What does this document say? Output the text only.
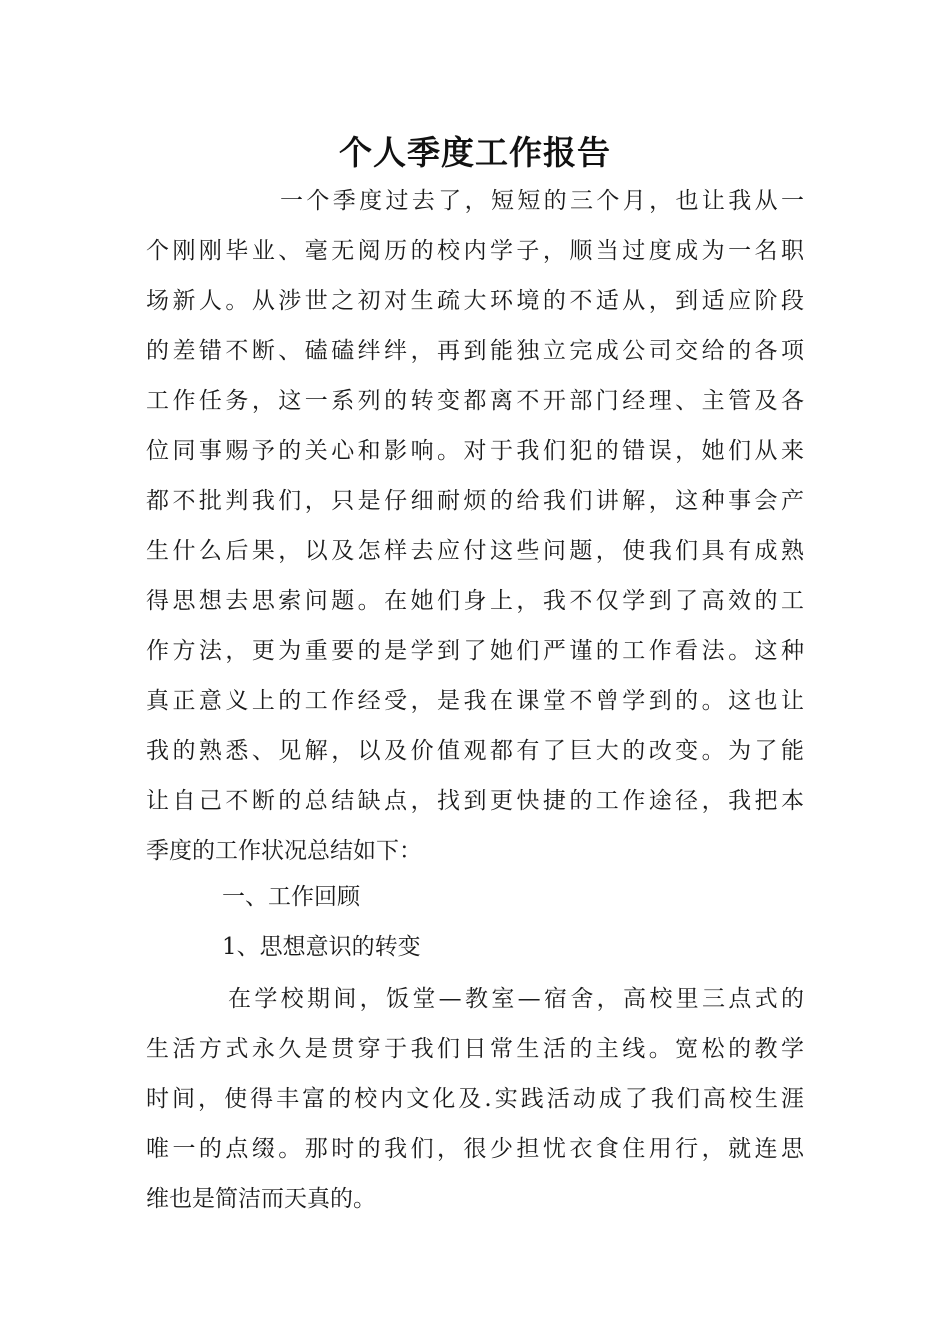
个人季度工作报告

一个季度过去了，短短的三个月，也让我从一

个刚刚毕业、毫无阅历的校内学子，顺当过度成为一名职

场新人。从涉世之初对生疏大环境的不适从，到适应阶段

的差错不断、磕磕绊绊，再到能独立完成公司交给的各项

工作任务，这一系列的转变都离不开部门经理、主管及各

位同事赐予的关心和影响。对于我们犯的错误，她们从来

都不批判我们，只是仔细耐烦的给我们讲解，这种事会产

生什么后果，以及怎样去应付这些问题，使我们具有成熟

得思想去思索问题。在她们身上，我不仅学到了高效的工

作方法，更为重要的是学到了她们严谨的工作看法。这种

真正意义上的工作经受，是我在课堂不曾学到的。这也让

我的熟悉、见解，以及价值观都有了巨大的改变。为了能

让自己不断的总结缺点，找到更快捷的工作途径，我把本

季度的工作状况总结如下：

一、工作回顾

1、思想意识的转变

在学校期间，饭堂—教室—宿舍，高校里三点式的

生活方式永久是贯穿于我们日常生活的主线。宽松的教学

时间，使得丰富的校内文化及.实践活动成了我们高校生涯

唯一的点缀。那时的我们，很少担忧衣食住用行，就连思

维也是简洁而天真的。
